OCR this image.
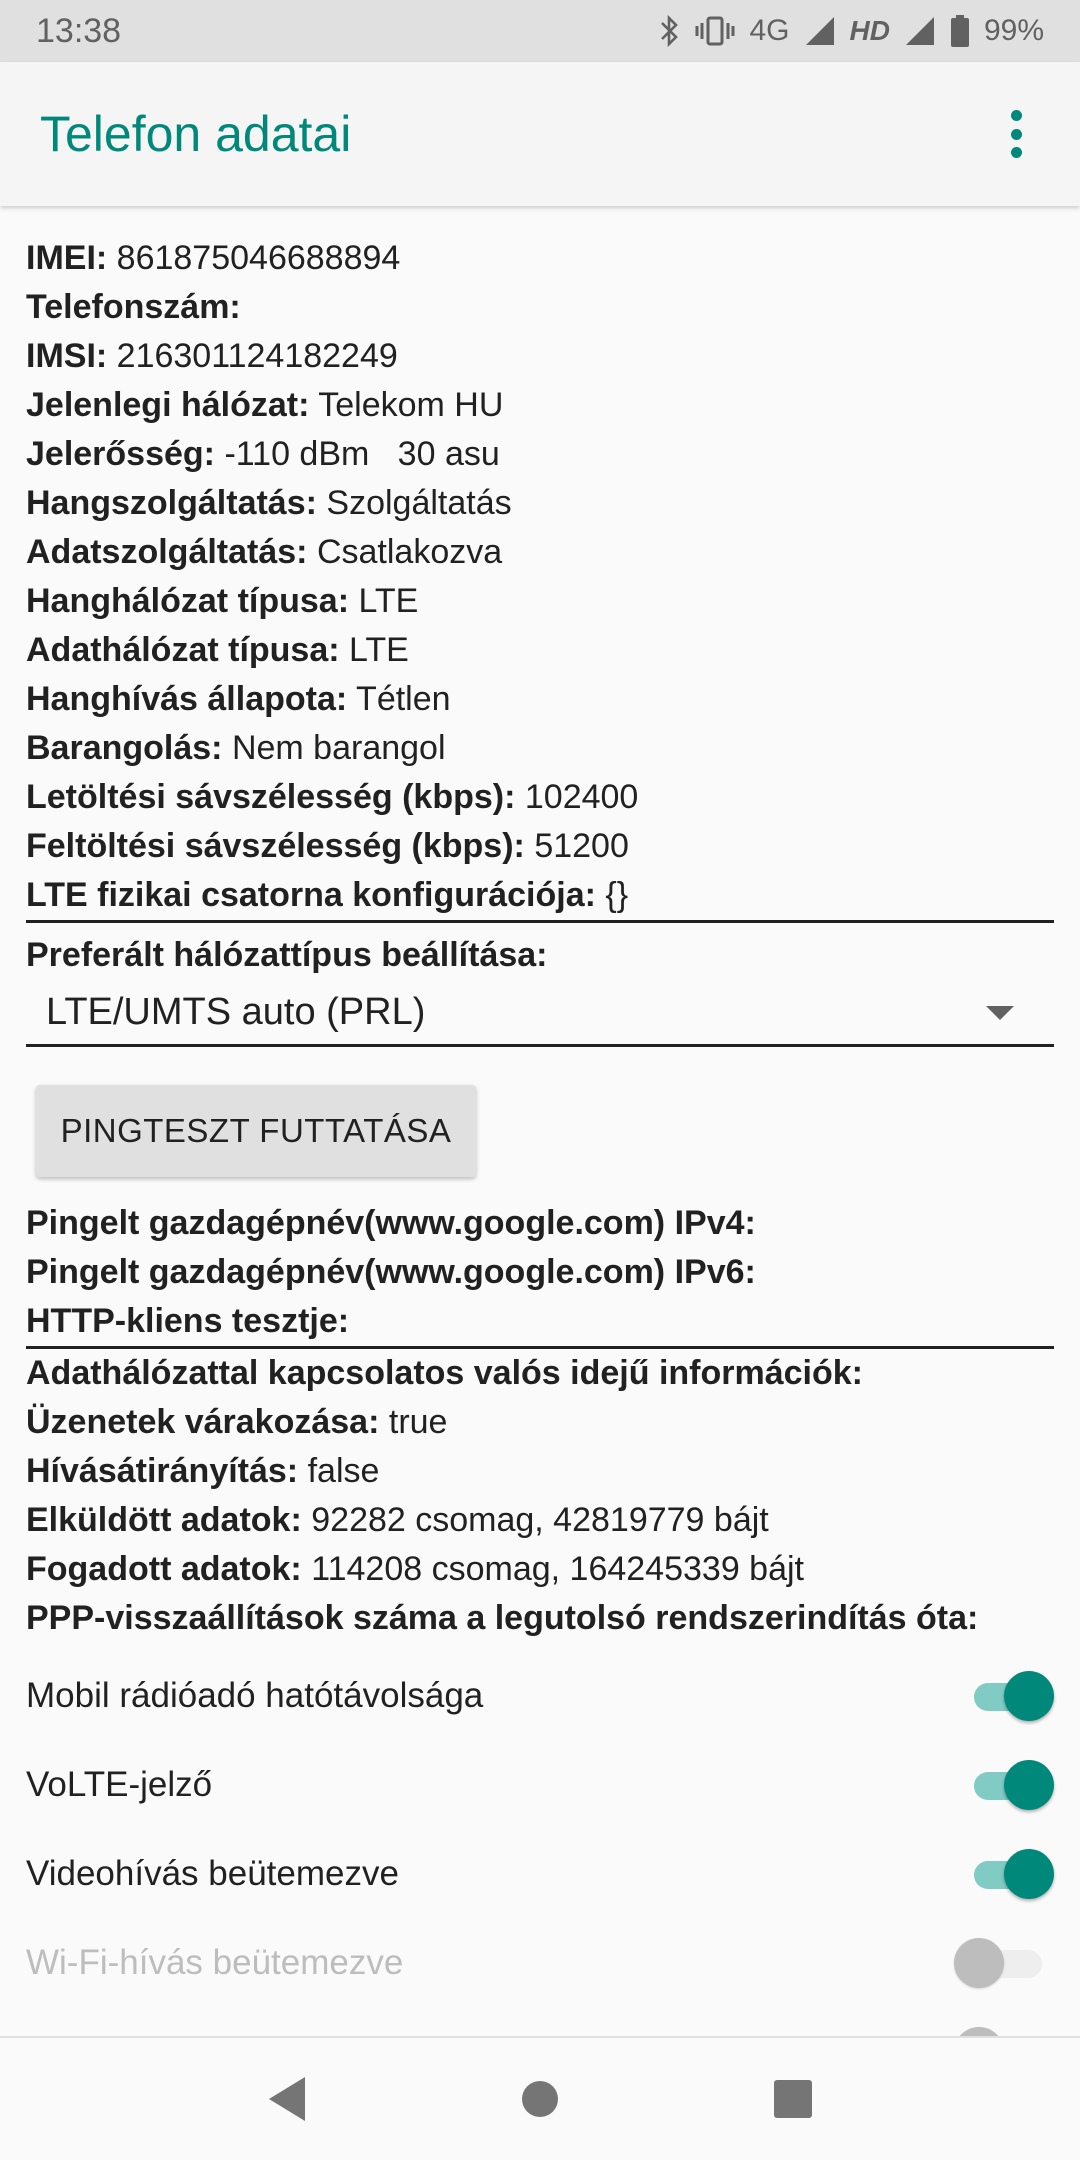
13:38	4G HD	99%
Telefon adatai
IMEI: 861875046688894
Telefonszám:
IMSI: 216301124182249
Jelenlegi hálózat: Telekom HU
Jelerősség: -110 dBm   30 asu
Hangszolgáltatás: Szolgáltatás
Adatszolgáltatás: Csatlakozva
Hanghálózat típusa: LTE
Adathálózat típusa: LTE
Hanghívás állapota: Tétlen
Barangolás: Nem barangol
Letöltési sávszélesség (kbps): 102400
Feltöltési sávszélesség (kbps): 51200
LTE fizikai csatorna konfigurációja: {}
Preferált hálózattípus beállítása:
LTE/UMTS auto (PRL)
PINGTESZT FUTTATÁSA
Pingelt gazdagépnév(www.google.com) IPv4:
Pingelt gazdagépnév(www.google.com) IPv6:
HTTP-kliens tesztje:
Adathálózattal kapcsolatos valós idejű információk:
Üzenetek várakozása: true
Hívásátirányítás: false
Elküldött adatok: 92282 csomag, 42819779 bájt
Fogadott adatok: 114208 csomag, 164245339 bájt
PPP-visszaállítások száma a legutolsó rendszerindítás óta:
Mobil rádióadó hatótávolsága
VoLTE-jelző
Videohívás beütemezve
Wi-Fi-hívás beütemezve
